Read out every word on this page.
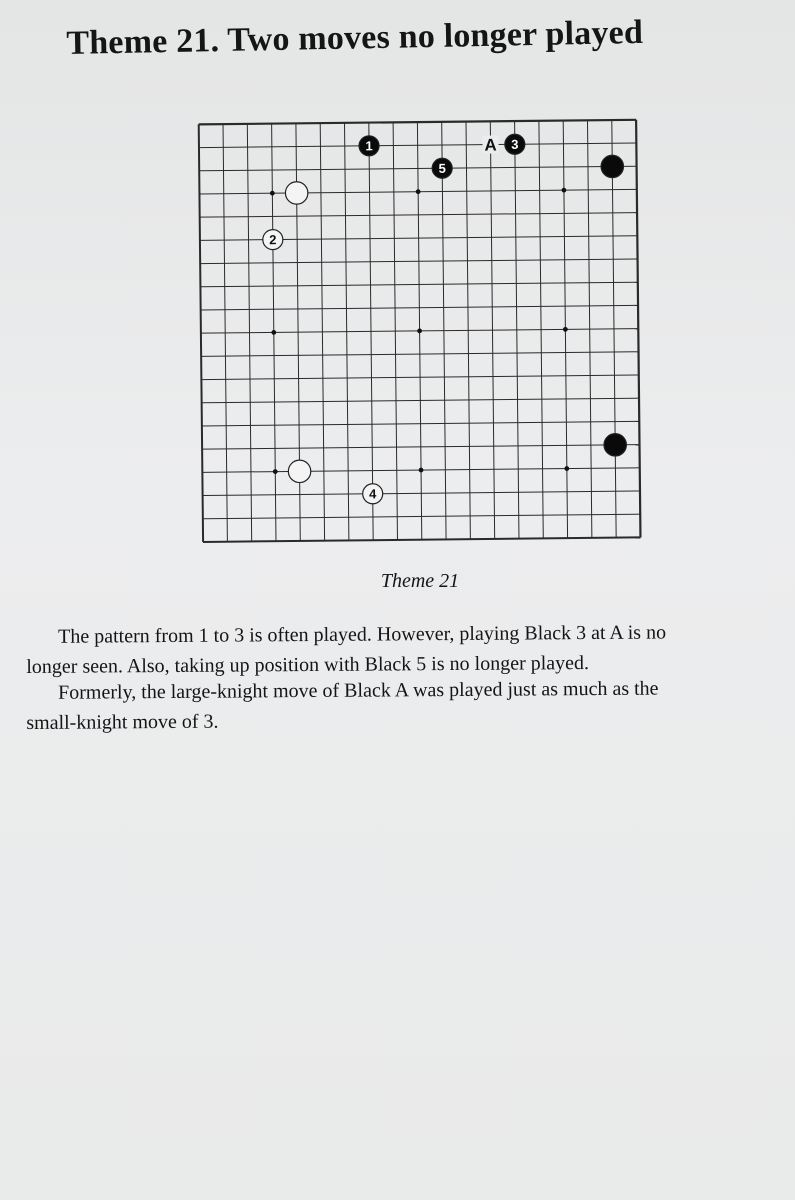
Theme 21. Two moves no longer played
1
2
3
5
4
A
Theme 21

The pattern from 1 to 3 is often played. However, playing Black 3 at A is no
longer seen. Also, taking up position with Black 5 is no longer played.

Formerly, the large-knight move of Black A was played just as much as the
small-knight move of 3.
